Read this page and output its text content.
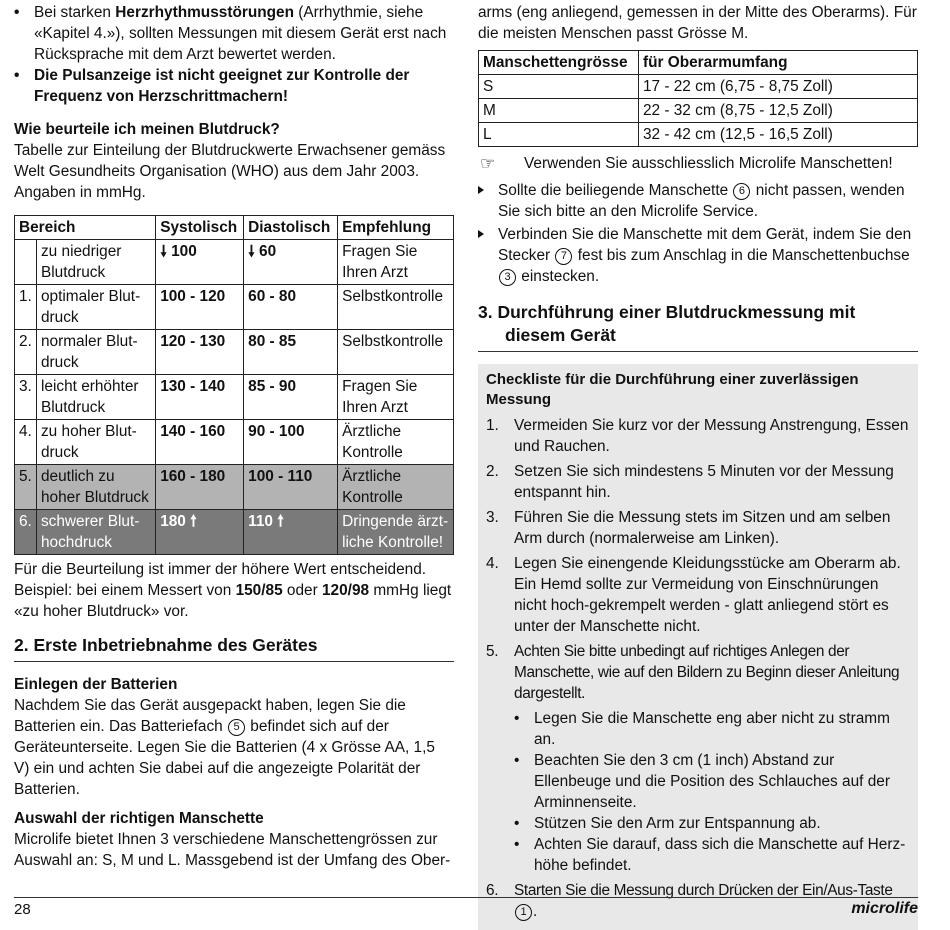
• Bei starken Herzrhythmusstörungen (Arrhythmie, siehe «Kapitel 4.»), sollten Messungen mit diesem Gerät erst nach Rücksprache mit dem Arzt bewertet werden.
• Die Pulsanzeige ist nicht geeignet zur Kontrolle der Frequenz von Herzschrittmachern!
Wie beurteile ich meinen Blutdruck?

Tabelle zur Einteilung der Blutdruckwerte Erwachsener gemäss Welt Gesundheits Organisation (WHO) aus dem Jahr 2003. Angaben in mmHg.

Bereich		Systolisch	Diastolisch	Empfehlung
	zu niedriger Blutdruck	🠗 100	🠗 60	Fragen Sie Ihren Arzt
1.	optimaler Blut-druck	100 - 120	60 - 80	Selbstkontrolle
2.	normaler Blut-druck	120 - 130	80 - 85	Selbstkontrolle
3.	leicht erhöhter Blutdruck	130 - 140	85 - 90	Fragen Sie Ihren Arzt
4.	zu hoher Blut-druck	140 - 160	90 - 100	Ärztliche Kontrolle
5.	deutlich zu hoher Blutdruck	160 - 180	100 - 110	Ärztliche Kontrolle
6.	schwerer Blut-hochdruck	180 🠕	110 🠕	Dringende ärzt-liche Kontrolle!

Für die Beurteilung ist immer der höhere Wert entscheidend.

Beispiel: bei einem Messert von 150/85 oder 120/98 mmHg liegt «zu hoher Blutdruck» vor.

2. Erste Inbetriebnahme des Gerätes
Einlegen der Batterien

Nachdem Sie das Gerät ausgepackt haben, legen Sie die Batterien ein. Das Batteriefach 5 befindet sich auf der Geräteunterseite. Legen Sie die Batterien (4 x Grösse AA, 1,5 V) ein und achten Sie dabei auf die angezeigte Polarität der Batterien.

Auswahl der richtigen Manschette

Microlife bietet Ihnen 3 verschiedene Manschettengrössen zur Auswahl an: S, M und L. Massgebend ist der Umfang des Ober-

arms (eng anliegend, gemessen in der Mitte des Oberarms). Für die meisten Menschen passt Grösse M.

Manschettengrösse	für Oberarmumfang
S	17 - 22 cm (6,75 - 8,75 Zoll)
M	22 - 32 cm (8,75 - 12,5 Zoll)
L	32 - 42 cm (12,5 - 16,5 Zoll)
☞ Verwenden Sie ausschliesslich Microlife Manschetten!
Sollte die beiliegende Manschette 6 nicht passen, wenden Sie sich bitte an den Microlife Service.
Verbinden Sie die Manschette mit dem Gerät, indem Sie den Stecker 7 fest bis zum Anschlag in die Manschettenbuchse 3 einstecken.
3. Durchführung einer Blutdruckmessung mit
diesem Gerät
Checkliste für die Durchführung einer zuverlässigen Messung
1. Vermeiden Sie kurz vor der Messung Anstrengung, Essen und Rauchen.
2. Setzen Sie sich mindestens 5 Minuten vor der Messung entspannt hin.
3. Führen Sie die Messung stets im Sitzen und am selben Arm durch (normalerweise am Linken).
4. Legen Sie einengende Kleidungsstücke am Oberarm ab. Ein Hemd sollte zur Vermeidung von Einschnürungen nicht hoch-gekrempelt werden - glatt anliegend stört es unter der Manschette nicht.
5. Achten Sie bitte unbedingt auf richtiges Anlegen der Manschette, wie auf den Bildern zu Beginn dieser Anleitung dargestellt.
• Legen Sie die Manschette eng aber nicht zu stramm an.
• Beachten Sie den 3 cm (1 inch) Abstand zur Ellenbeuge und die Position des Schlauches auf der Arminnenseite.
• Stützen Sie den Arm zur Entspannung ab.
• Achten Sie darauf, dass sich die Manschette auf Herz-höhe befindet.
6. Starten Sie die Messung durch Drücken der Ein/Aus-Taste 1 .
28	microlife
